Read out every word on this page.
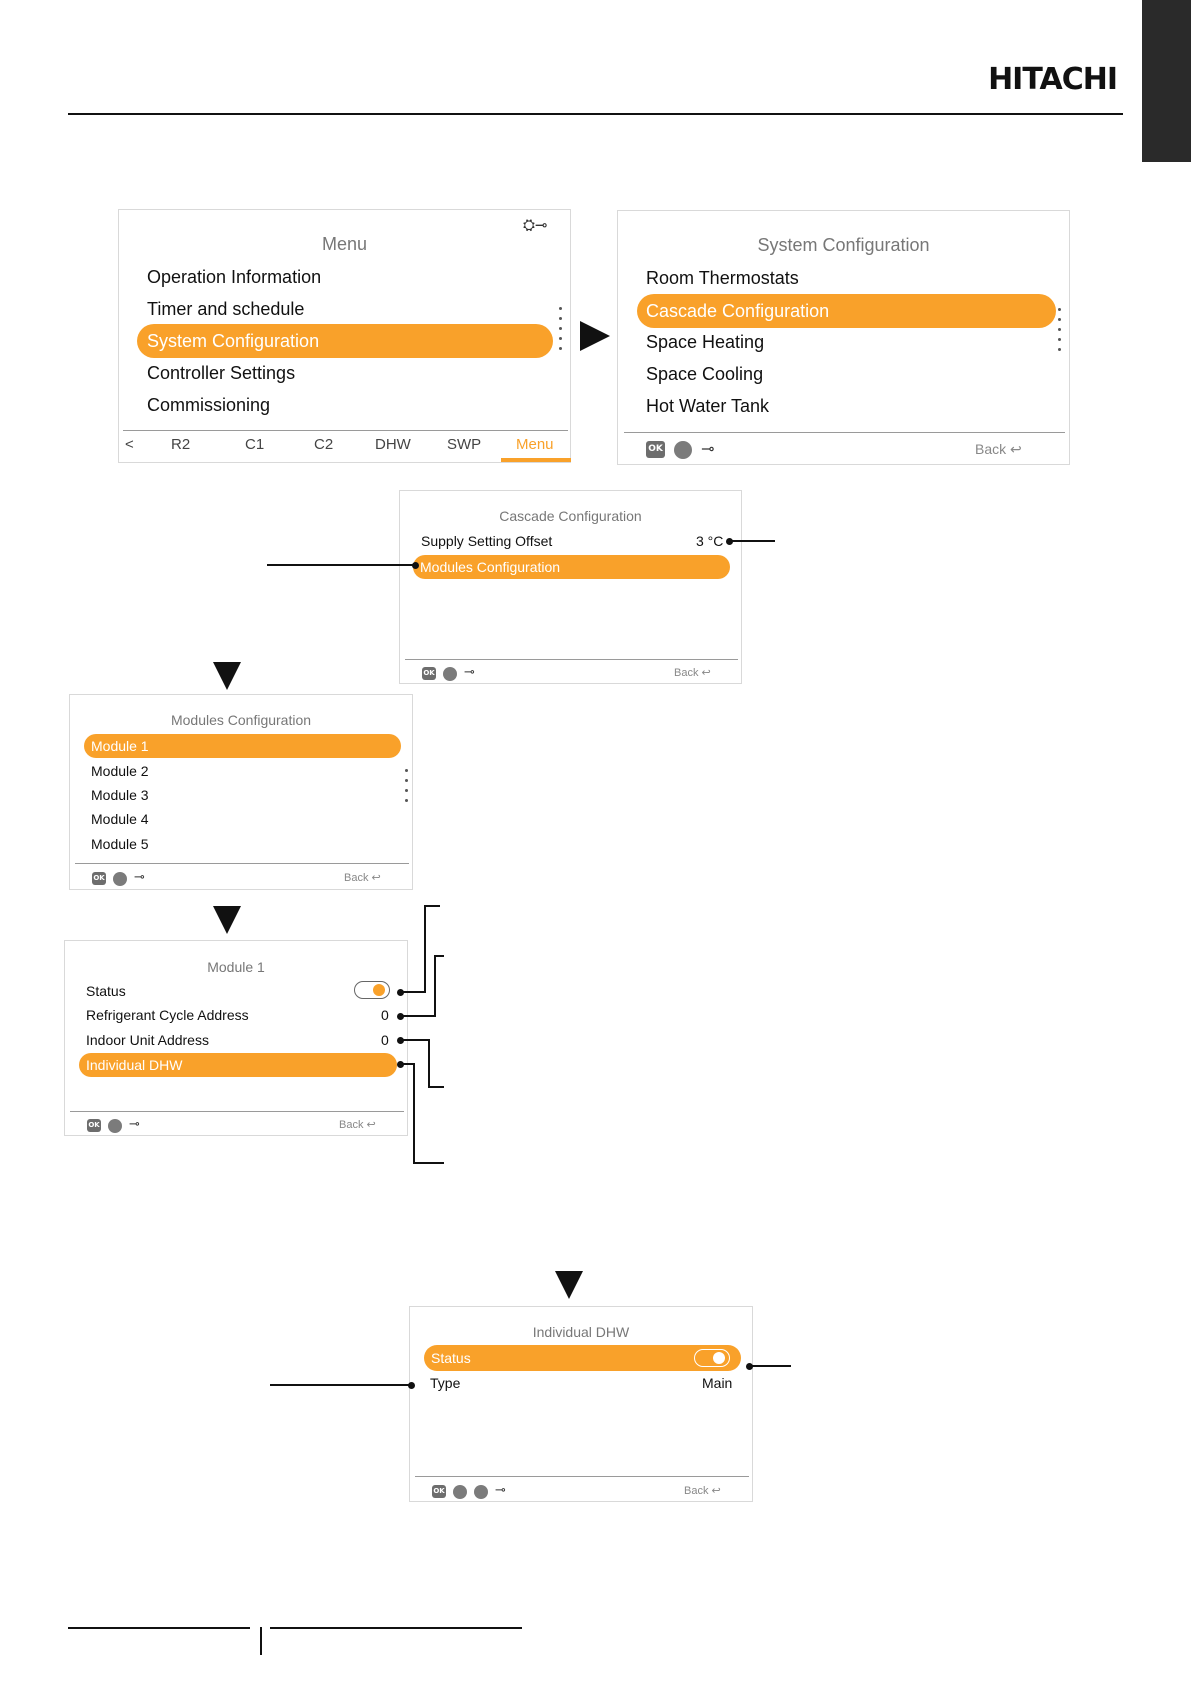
HITACHI
Menu
⛭⊸
Operation Information
Timer and schedule
System Configuration
Controller Settings
Commissioning
< R2	C1	C2	DHW SWP Menu
System Configuration
Room Thermostats
Cascade Configuration
Space Heating
Space Cooling
Hot Water Tank
OK ⊸	Back ↩
Cascade Configuration
Supply Setting Offset	3 °C
Modules Configuration
OK ⊸	Back ↩
Modules Configuration
Module 1
Module 2
Module 3
Module 4
Module 5
OK ⊸	Back ↩
Module 1
Status
Refrigerant Cycle Address	0
Indoor Unit Address	0
Individual DHW
OK ⊸	Back ↩
Individual DHW
Status
Type	Main
OK	⊸	Back ↩
